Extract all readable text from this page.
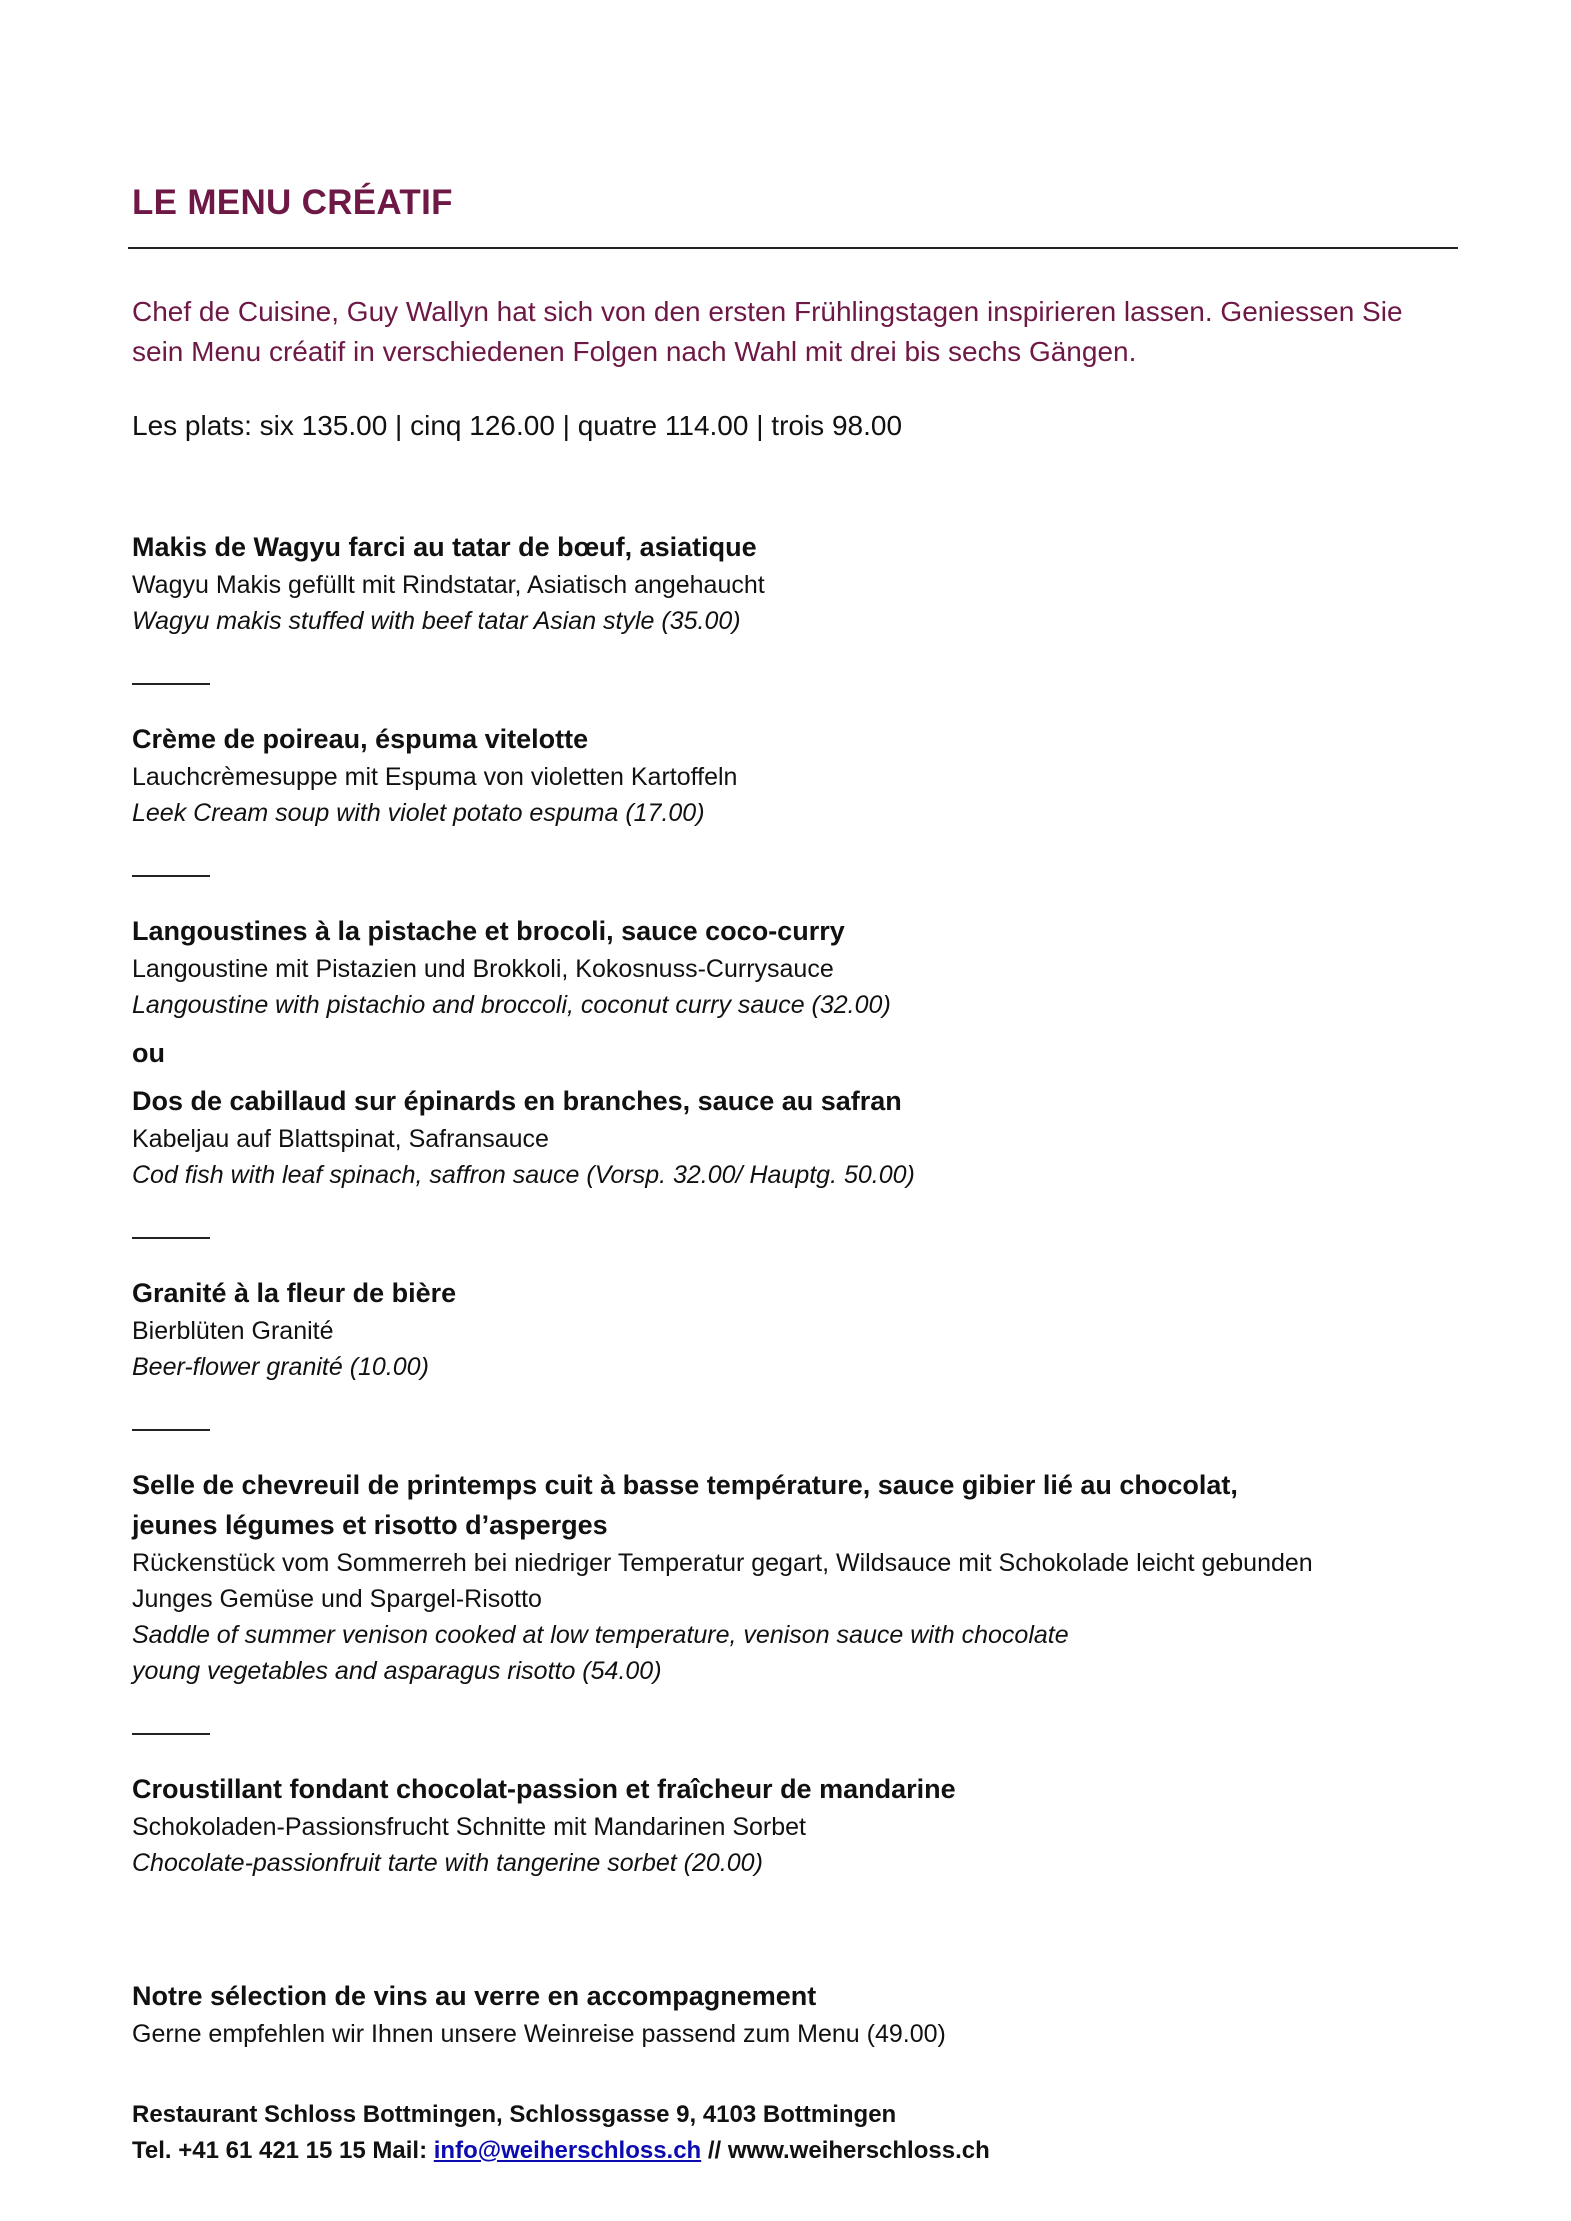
LE MENU CRÉATIF
Chef de Cuisine, Guy Wallyn hat sich von den ersten Frühlingstagen inspirieren lassen. Geniessen Sie
sein Menu créatif in verschiedenen Folgen nach Wahl mit drei bis sechs Gängen.
Les plats: six 135.00 | cinq 126.00 | quatre 114.00 | trois 98.00
Makis de Wagyu farci au tatar de bœuf, asiatique
Wagyu Makis gefüllt mit Rindstatar, Asiatisch angehaucht
Wagyu makis stuffed with beef tatar Asian style (35.00)
Crème de poireau, éspuma vitelotte
Lauchcrèmesuppe mit Espuma von violetten Kartoffeln
Leek Cream soup with violet potato espuma (17.00)
Langoustines à la pistache et brocoli, sauce coco-curry
Langoustine mit Pistazien und Brokkoli, Kokosnuss-Currysauce
Langoustine with pistachio and broccoli, coconut curry sauce (32.00)
ou
Dos de cabillaud sur épinards en branches, sauce au safran
Kabeljau auf Blattspinat, Safransauce
Cod fish with leaf spinach, saffron sauce (Vorsp. 32.00/ Hauptg. 50.00)
Granité à la fleur de bière
Bierblüten Granité
Beer-flower granité (10.00)
Selle de chevreuil de printemps cuit à basse température, sauce gibier lié au chocolat,
jeunes légumes et risotto d’asperges
Rückenstück vom Sommerreh bei niedriger Temperatur gegart, Wildsauce mit Schokolade leicht gebunden
Junges Gemüse und Spargel-Risotto
Saddle of summer venison cooked at low temperature, venison sauce with chocolate
young vegetables and asparagus risotto (54.00)
Croustillant fondant chocolat-passion et fraîcheur de mandarine
Schokoladen-Passionsfrucht Schnitte mit Mandarinen Sorbet
Chocolate-passionfruit tarte with tangerine sorbet (20.00)
Notre sélection de vins au verre en accompagnement
Gerne empfehlen wir Ihnen unsere Weinreise passend zum Menu (49.00)
Restaurant Schloss Bottmingen, Schlossgasse 9, 4103 Bottmingen
Tel. +41 61 421 15 15 Mail: info@weiherschloss.ch // www.weiherschloss.ch
